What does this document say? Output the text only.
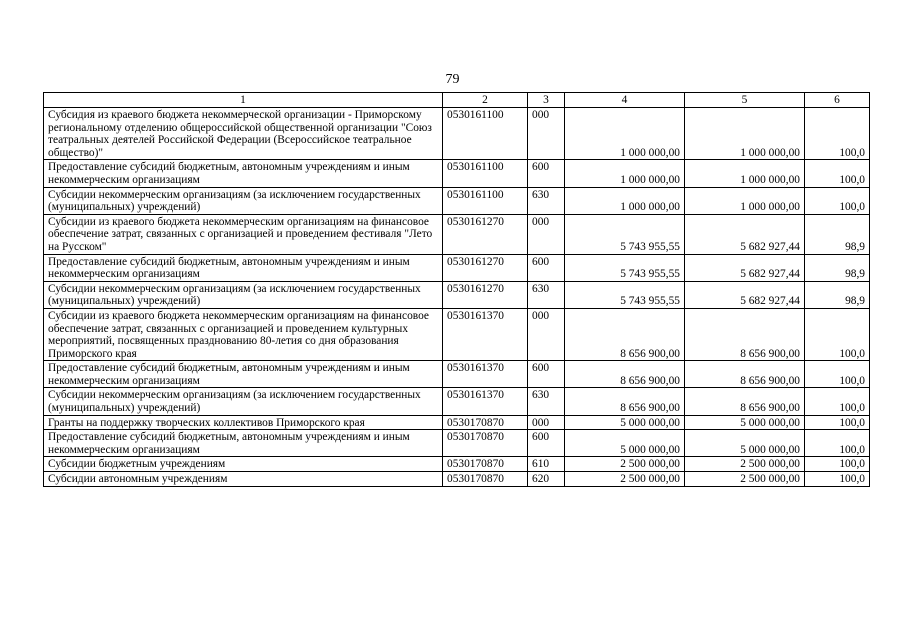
79
1	2	3	4	5	6
Субсидия из краевого бюджета некоммерческой организации - Приморскому региональному отделению общероссийской общественной организации "Союз театральных деятелей Российской Федерации (Всероссийское театральное общество)"	0530161100	000	1 000 000,00	1 000 000,00	100,0
Предоставление субсидий бюджетным, автономным учреждениям и иным некоммерческим организациям	0530161100	600	1 000 000,00	1 000 000,00	100,0
Субсидии некоммерческим организациям (за исключением государственных (муниципальных) учреждений)	0530161100	630	1 000 000,00	1 000 000,00	100,0
Субсидии из краевого бюджета некоммерческим организациям на финансовое обеспечение затрат, связанных с организацией и проведением фестиваля "Лето на Русском"	0530161270	000	5 743 955,55	5 682 927,44	98,9
Предоставление субсидий бюджетным, автономным учреждениям и иным некоммерческим организациям	0530161270	600	5 743 955,55	5 682 927,44	98,9
Субсидии некоммерческим организациям (за исключением государственных (муниципальных) учреждений)	0530161270	630	5 743 955,55	5 682 927,44	98,9
Субсидии из краевого бюджета некоммерческим организациям на финансовое обеспечение затрат, связанных с организацией и проведением культурных мероприятий, посвященных празднованию 80-летия со дня образования Приморского края	0530161370	000	8 656 900,00	8 656 900,00	100,0
Предоставление субсидий бюджетным, автономным учреждениям и иным некоммерческим организациям	0530161370	600	8 656 900,00	8 656 900,00	100,0
Субсидии некоммерческим организациям (за исключением государственных (муниципальных) учреждений)	0530161370	630	8 656 900,00	8 656 900,00	100,0
Гранты на поддержку творческих коллективов Приморского края	0530170870	000	5 000 000,00	5 000 000,00	100,0
Предоставление субсидий бюджетным, автономным учреждениям и иным некоммерческим организациям	0530170870	600	5 000 000,00	5 000 000,00	100,0
Субсидии бюджетным учреждениям	0530170870	610	2 500 000,00	2 500 000,00	100,0
Субсидии автономным учреждениям	0530170870	620	2 500 000,00	2 500 000,00	100,0
